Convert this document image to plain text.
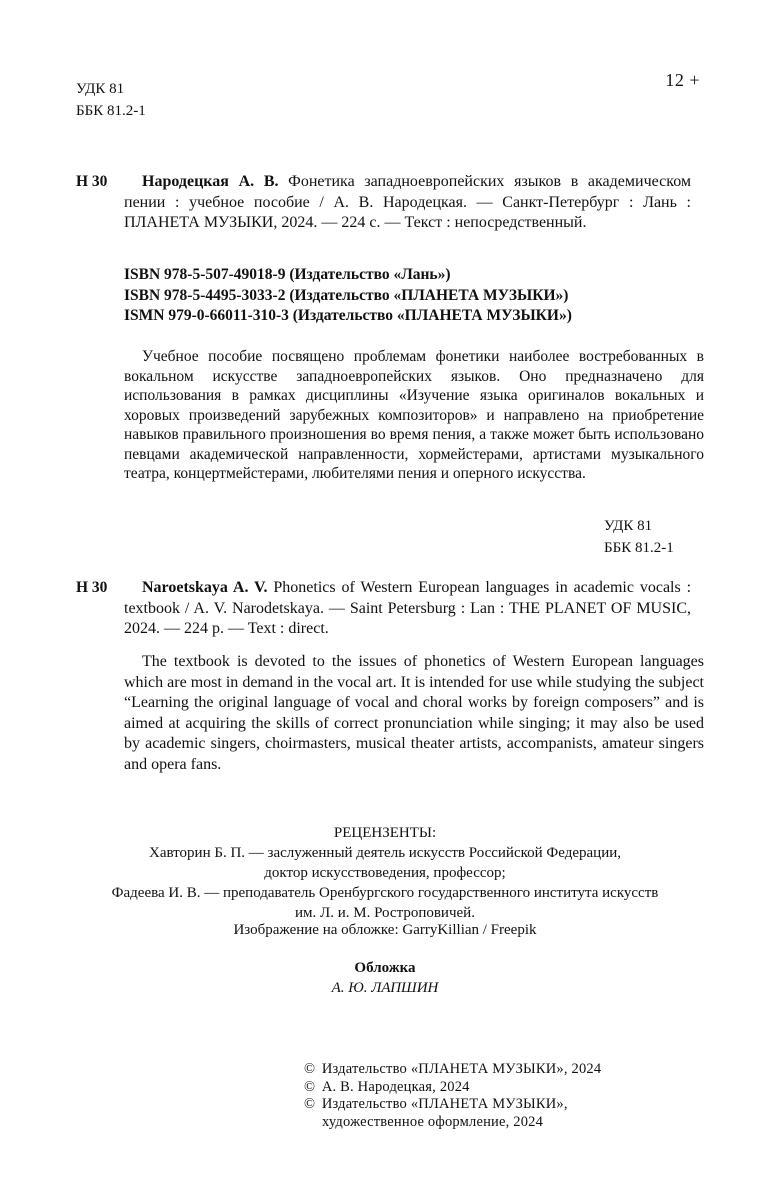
УДК 81
ББК 81.2-1
12 +
Н 30	Народецкая А. В. Фонетика западноевропейских языков в академическом пении : учебное пособие / А. В. Народецкая. — Санкт-Петербург : Лань : ПЛАНЕТА МУЗЫКИ, 2024. — 224 с. — Текст : непосредственный.
ISBN 978-5-507-49018-9 (Издательство «Лань»)
ISBN 978-5-4495-3033-2 (Издательство «ПЛАНЕТА МУЗЫКИ»)
ISMN 979-0-66011-310-3 (Издательство «ПЛАНЕТА МУЗЫКИ»)
Учебное пособие посвящено проблемам фонетики наиболее востребованных в вокальном искусстве западноевропейских языков. Оно предназначено для использования в рамках дисциплины «Изучение языка оригиналов вокальных и хоровых произведений зарубежных композиторов» и направлено на приобретение навыков правильного произношения во время пения, а также может быть использовано певцами академической направленности, хормейстерами, артистами музыкального театра, концертмейстерами, любителями пения и оперного искусства.
УДК 81
ББК 81.2-1
Н 30	Naroetskaya A. V. Phonetics of Western European languages in academic vocals : textbook / A. V. Narodetskaya. — Saint Petersburg : Lan : THE PLANET OF MUSIC, 2024. — 224 p. — Text : direct.
The textbook is devoted to the issues of phonetics of Western European languages which are most in demand in the vocal art. It is intended for use while studying the subject “Learning the original language of vocal and choral works by foreign composers” and is aimed at acquiring the skills of correct pronunciation while singing; it may also be used by academic singers, choirmasters, musical theater artists, accompanists, amateur singers and opera fans.
РЕЦЕНЗЕНТЫ:
Хавторин Б. П. — заслуженный деятель искусств Российской Федерации,
доктор искусствоведения, профессор;
Фадеева И. В. — преподаватель Оренбургского государственного института искусств
им. Л. и. М. Ростроповичей.
Изображение на обложке: GarryKillian / Freepik
Обложка
А. Ю. ЛАПШИН
© Издательство «ПЛАНЕТА МУЗЫКИ», 2024
© А. В. Народецкая, 2024
© Издательство «ПЛАНЕТА МУЗЫКИ»,
художественное оформление, 2024
